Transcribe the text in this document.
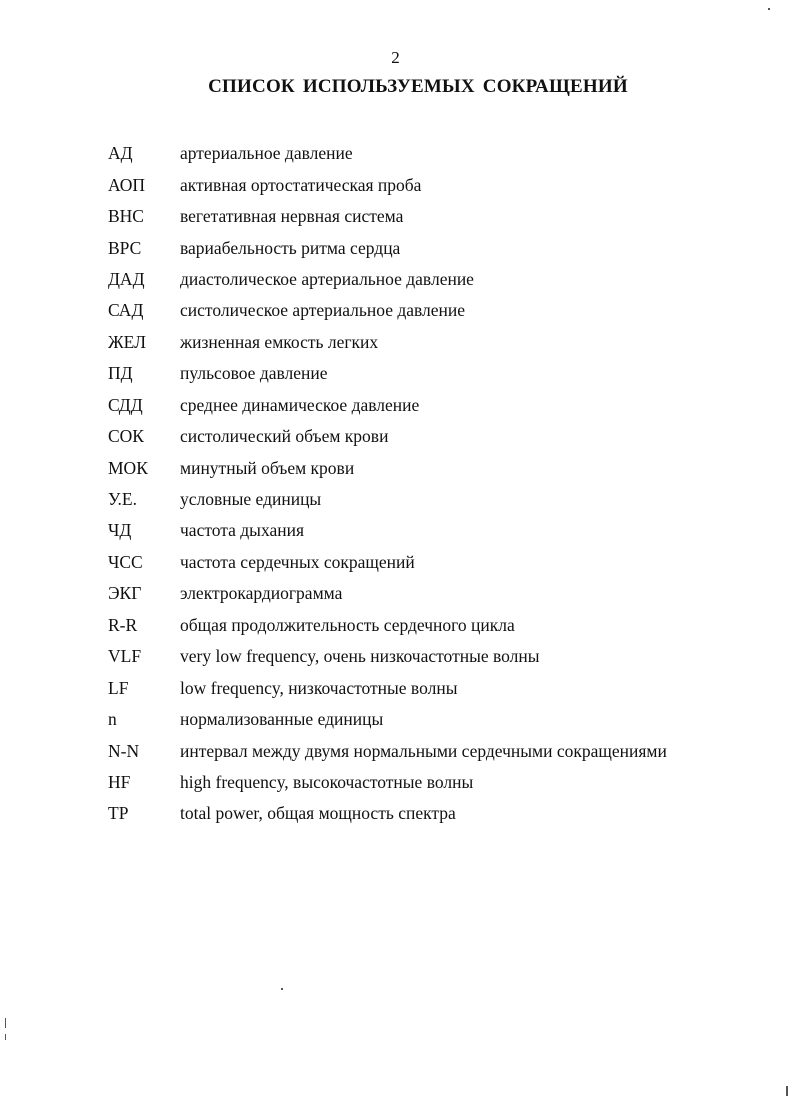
2
СПИСОК ИСПОЛЬЗУЕМЫХ СОКРАЩЕНИЙ
АД	артериальное давление
АОП	активная ортостатическая проба
ВНС	вегетативная нервная система
ВРС	вариабельность ритма сердца
ДАД	диастолическое артериальное давление
САД	систолическое артериальное давление
ЖЕЛ	жизненная емкость легких
ПД	пульсовое давление
СДД	среднее динамическое давление
СОК	систолический объем крови
МОК	минутный объем крови
У.Е.	условные единицы
ЧД	частота дыхания
ЧСС	частота сердечных сокращений
ЭКГ	электрокардиограмма
R-R	общая продолжительность сердечного цикла
VLF	very low frequency, очень низкочастотные волны
LF	low frequency, низкочастотные волны
n	нормализованные единицы
N-N	интервал между двумя нормальными сердечными сокращениями
HF	high frequency, высокочастотные волны
TP	total power, общая мощность спектра
